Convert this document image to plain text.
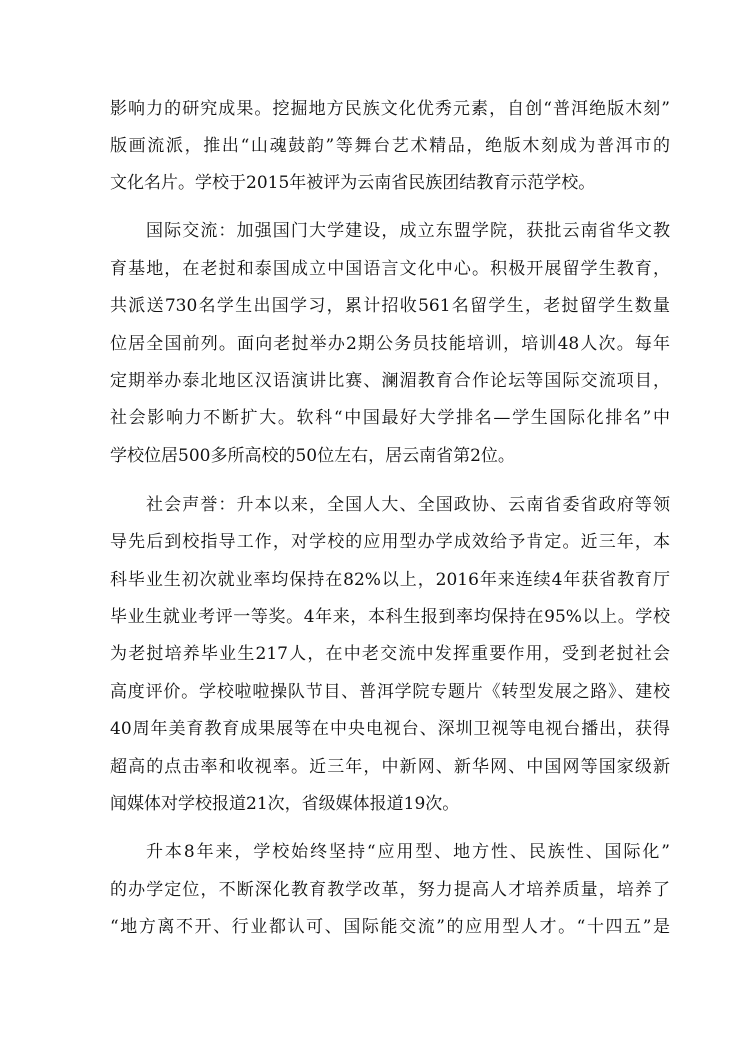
影响力的研究成果。挖掘地方民族文化优秀元素，自创“普洱绝版木刻”
版画流派，推出“山魂鼓韵”等舞台艺术精品，绝版木刻成为普洱市的
文化名片。学校于2015年被评为云南省民族团结教育示范学校。
国际交流：加强国门大学建设，成立东盟学院，获批云南省华文教
育基地，在老挝和泰国成立中国语言文化中心。积极开展留学生教育，
共派送730名学生出国学习，累计招收561名留学生，老挝留学生数量
位居全国前列。面向老挝举办2期公务员技能培训，培训48人次。每年
定期举办泰北地区汉语演讲比赛、澜湄教育合作论坛等国际交流项目，
社会影响力不断扩大。软科“中国最好大学排名—学生国际化排名”中
学校位居500多所高校的50位左右，居云南省第2位。
社会声誉：升本以来，全国人大、全国政协、云南省委省政府等领
导先后到校指导工作，对学校的应用型办学成效给予肯定。近三年，本
科毕业生初次就业率均保持在82%以上，2016年来连续4年获省教育厅
毕业生就业考评一等奖。4年来，本科生报到率均保持在95%以上。学校
为老挝培养毕业生217人，在中老交流中发挥重要作用，受到老挝社会
高度评价。学校啦啦操队节目、普洱学院专题片《转型发展之路》、建校
40周年美育教育成果展等在中央电视台、深圳卫视等电视台播出，获得
超高的点击率和收视率。近三年，中新网、新华网、中国网等国家级新
闻媒体对学校报道21次，省级媒体报道19次。
升本8年来，学校始终坚持“应用型、地方性、民族性、国际化”
的办学定位，不断深化教育教学改革，努力提高人才培养质量，培养了
“地方离不开、行业都认可、国际能交流”的应用型人才。“十四五”是
